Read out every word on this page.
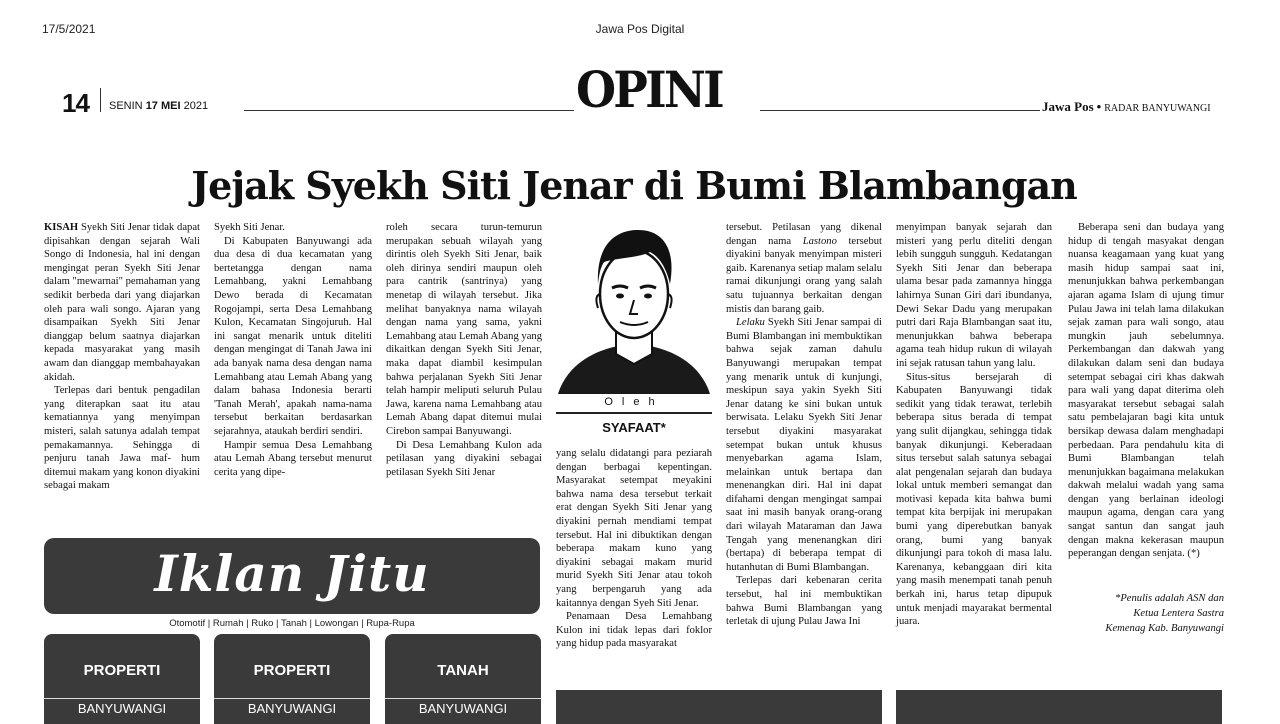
17/5/2021	Jawa Pos Digital
14 SENIN 17 MEI 2021	OPINI	Jawa Pos • RADAR BANYUWANGI
Jejak Syekh Siti Jenar di Bumi Blambangan

KISAH Syekh Siti Jenar tidak dapat dipisahkan dengan sejarah Wali Songo di Indonesia, hal ini dengan mengingat peran Syekh Siti Jenar dalam "mewarnai" pemahaman yang sedikit berbeda dari yang diajarkan oleh para wali songo. Ajaran yang disampaikan Syekh Siti Jenar dianggap belum saatnya diajarkan kepada masyarakat yang masih awam dan dianggap membahayakan akidah.

Terlepas dari bentuk pengadilan yang diterapkan saat itu atau kematiannya yang menyimpan misteri, salah satunya adalah tempat pemakamannya. Sehingga di penjuru tanah Jawa maf- hum ditemui makam yang konon diyakini sebagai makam

Syekh Siti Jenar.

Di Kabupaten Banyuwangi ada dua desa di dua kecamatan yang bertetangga dengan nama Lemahbang, yakni Lemahbang Dewo berada di Kecamatan Rogojampi, serta Desa Lemahbang Kulon, Kecamatan Singojuruh. Hal ini sangat menarik untuk diteliti dengan mengingat di Tanah Jawa ini ada banyak nama desa dengan nama Lemahbang atau Lemah Abang yang dalam bahasa Indonesia berarti 'Tanah Merah', apakah nama-nama tersebut berkaitan berdasarkan sejarahnya, ataukah berdiri sendiri.

Hampir semua Desa Lemahbang atau Lemah Abang tersebut menurut cerita yang dipe-

roleh secara turun-temurun merupakan sebuah wilayah yang dirintis oleh Syekh Siti Jenar, baik oleh dirinya sendiri maupun oleh para cantrik (santrinya) yang menetap di wilayah tersebut. Jika melihat banyaknya nama wilayah dengan nama yang sama, yakni Lemahbang atau Lemah Abang yang dikaitkan dengan Syekh Siti Jenar, maka dapat diambil kesimpulan bahwa perjalanan Syekh Siti Jenar telah hampir meliputi seluruh Pulau Jawa, karena nama Lemahbang atau Lemah Abang dapat ditemui mulai Cirebon sampai Banyuwangi.

Di Desa Lemahbang Kulon ada petilasan yang diyakini sebagai petilasan Syekh Siti Jenar

Oleh
SYAFAAT*

yang selalu didatangi para peziarah dengan berbagai kepentingan. Masyarakat setempat meyakini bahwa nama desa tersebut terkait erat dengan Syekh Siti Jenar yang diyakini pernah mendiami tempat tersebut. Hal ini dibuktikan dengan beberapa makam kuno yang diyakini sebagai makam murid murid Syekh Siti Jenar atau tokoh yang berpengaruh yang ada kaitannya dengan Syeh Siti Jenar.

Penamaan Desa Lemahbang Kulon ini tidak lepas dari foklor yang hidup pada masyarakat

tersebut. Petilasan yang dikenal dengan nama Lastono tersebut diyakini banyak menyimpan misteri gaib. Karenanya setiap malam selalu ramai dikunjungi orang yang salah satu tujuannya berkaitan dengan mistis dan barang gaib.

Lelaku Syekh Siti Jenar sampai di Bumi Blambangan ini membuktikan bahwa sejak zaman dahulu Banyuwangi merupakan tempat yang menarik untuk di kunjungi, meskipun saya yakin Syekh Siti Jenar datang ke sini bukan untuk berwisata. Lelaku Syekh Siti Jenar tersebut diyakini masyarakat setempat bukan untuk khusus menyebarkan agama Islam, melainkan untuk bertapa dan menenangkan diri. Hal ini dapat difahami dengan mengingat sampai saat ini masih banyak orang-orang dari wilayah Mataraman dan Jawa Tengah yang menenangkan diri (bertapa) di beberapa tempat di hutanhutan di Bumi Blambangan.

Terlepas dari kebenaran cerita tersebut, hal ini membuktikan bahwa Bumi Blambangan yang terletak di ujung Pulau Jawa Ini

menyimpan banyak sejarah dan misteri yang perlu diteliti dengan lebih sungguh sungguh. Kedatangan Syekh Siti Jenar dan beberapa ulama besar pada zamannya hingga lahirnya Sunan Giri dari ibundanya, Dewi Sekar Dadu yang merupakan putri dari Raja Blambangan saat itu, menunjukkan bahwa beberapa agama teah hidup rukun di wilayah ini sejak ratusan tahun yang lalu.

Situs-situs bersejarah di Kabupaten Banyuwangi tidak sedikit yang tidak terawat, terlebih beberapa situs berada di tempat yang sulit dijangkau, sehingga tidak banyak dikunjungi. Keberadaan situs tersebut salah satunya sebagai alat pengenalan sejarah dan budaya lokal untuk memberi semangat dan motivasi kepada kita bahwa bumi tempat kita berpijak ini merupakan bumi yang diperebutkan banyak orang, bumi yang banyak dikunjungi para tokoh di masa lalu. Karenanya, kebanggaan diri kita yang masih menempati tanah penuh berkah ini, harus tetap dipupuk untuk menjadi mayarakat bermental juara.

Beberapa seni dan budaya yang hidup di tengah masyakat dengan nuansa keagamaan yang kuat yang masih hidup sampai saat ini, menunjukkan bahwa perkembangan ajaran agama Islam di ujung timur Pulau Jawa ini telah lama dilakukan sejak zaman para wali songo, atau mungkin jauh sebelumnya. Perkembangan dan dakwah yang dilakukan dalam seni dan budaya setempat sebagai ciri khas dakwah para wali yang dapat diterima oleh masyarakat tersebut sebagai salah satu pembelajaran bagi kita untuk bersikap dewasa dalam menghadapi perbedaan. Para pendahulu kita di Bumi Blambangan telah menunjukkan bagaimana melakukan dakwah melalui wadah yang sama dengan yang berlainan ideologi maupun agama, dengan cara yang sangat santun dan sangat jauh dengan makna kekerasan maupun peperangan dengan senjata. (*)

*Penulis adalah ASN dan
Ketua Lentera Sastra
Kemenag Kab. Banyuwangi
Iklan Jitu
Otomotif | Rumah | Ruko | Tanah | Lowongan | Rupa-Rupa
PROPERTI
BANYUWANGI
PROPERTI
BANYUWANGI
TANAH
BANYUWANGI
